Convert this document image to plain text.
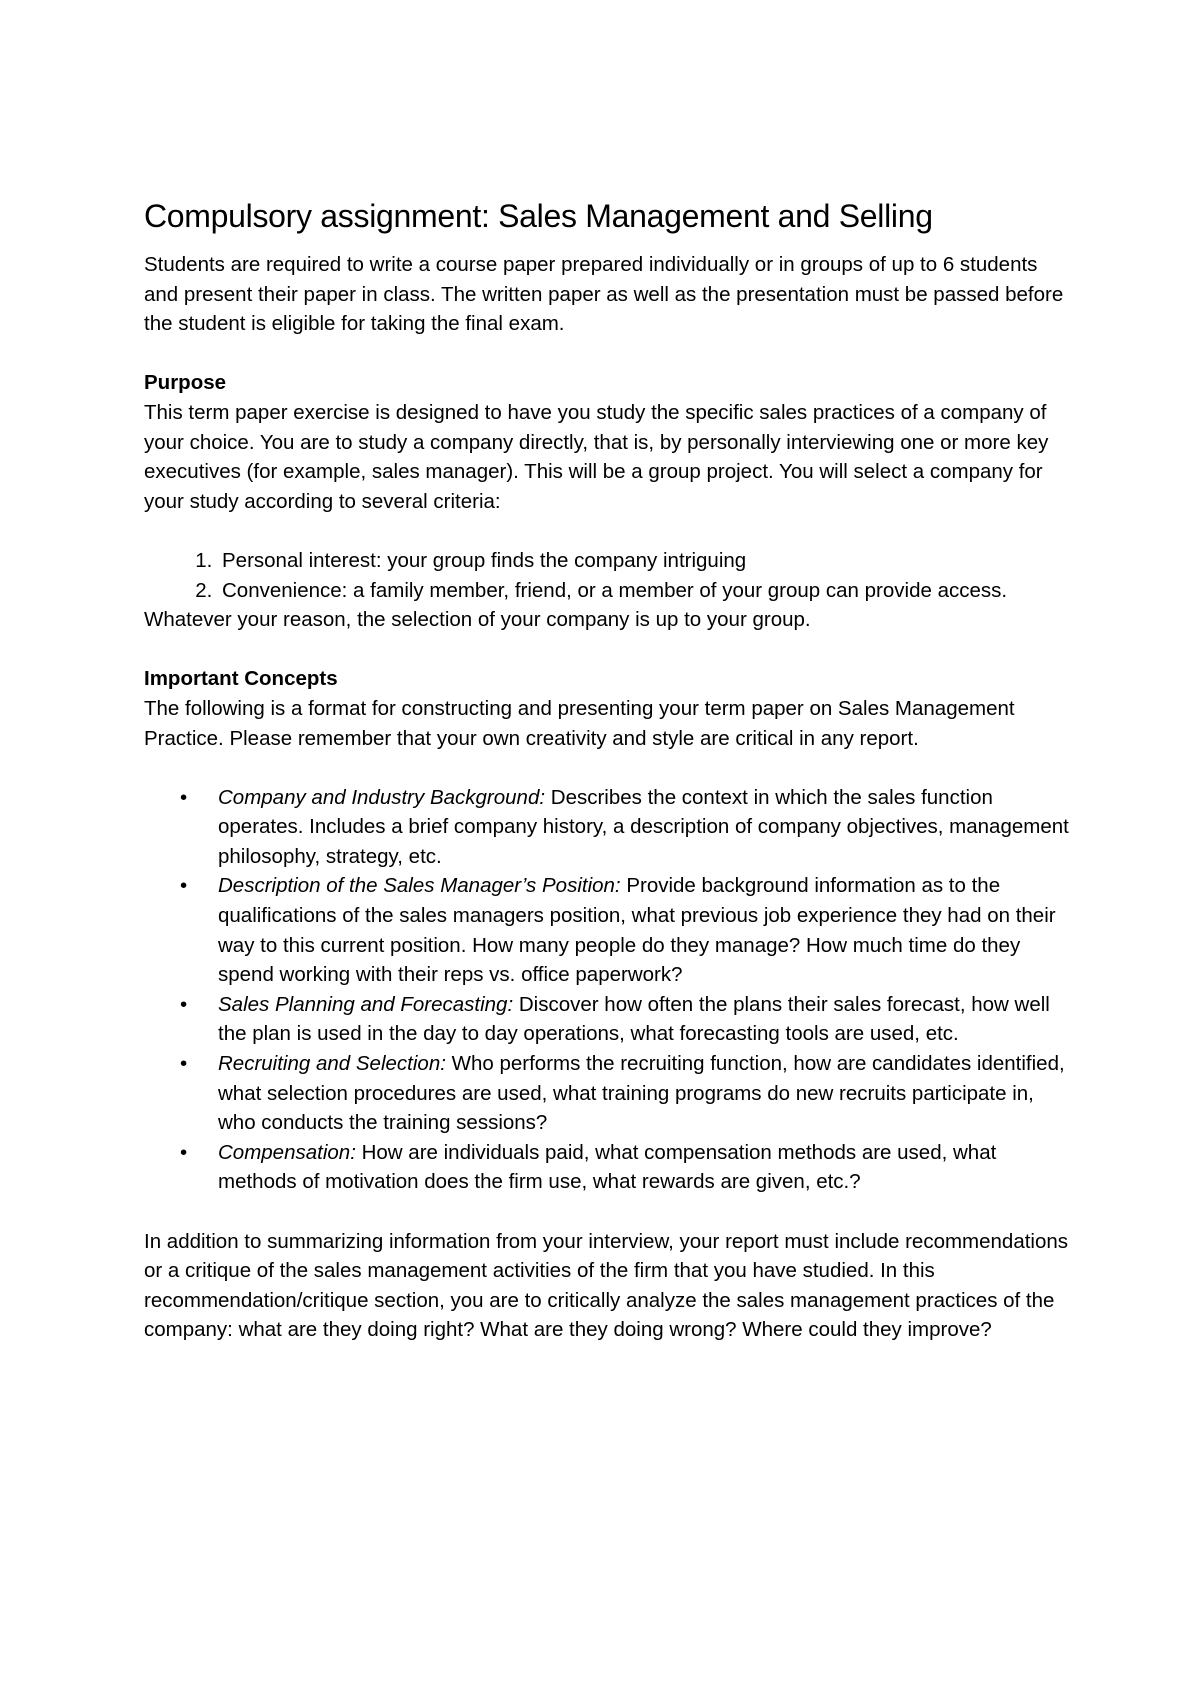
Compulsory assignment: Sales Management and Selling

Students are required to write a course paper prepared individually or in groups of up to 6 students and present their paper in class. The written paper as well as the presentation must be passed before the student is eligible for taking the final exam.

Purpose

This term paper exercise is designed to have you study the specific sales practices of a company of your choice. You are to study a company directly, that is, by personally interviewing one or more key executives (for example, sales manager). This will be a group project. You will select a company for your study according to several criteria:

1. Personal interest: your group finds the company intriguing
2. Convenience: a family member, friend, or a member of your group can provide access.

Whatever your reason, the selection of your company is up to your group.

Important Concepts

The following is a format for constructing and presenting your term paper on Sales Management Practice. Please remember that your own creativity and style are critical in any report.

• Company and Industry Background: Describes the context in which the sales function operates. Includes a brief company history, a description of company objectives, management philosophy, strategy, etc.
• Description of the Sales Manager’s Position: Provide background information as to the qualifications of the sales managers position, what previous job experience they had on their way to this current position. How many people do they manage? How much time do they spend working with their reps vs. office paperwork?
• Sales Planning and Forecasting: Discover how often the plans their sales forecast, how well the plan is used in the day to day operations, what forecasting tools are used, etc.
• Recruiting and Selection: Who performs the recruiting function, how are candidates identified, what selection procedures are used, what training programs do new recruits participate in, who conducts the training sessions?
• Compensation: How are individuals paid, what compensation methods are used, what methods of motivation does the firm use, what rewards are given, etc.?

In addition to summarizing information from your interview, your report must include recommendations or a critique of the sales management activities of the firm that you have studied. In this recommendation/critique section, you are to critically analyze the sales management practices of the company: what are they doing right? What are they doing wrong? Where could they improve?
